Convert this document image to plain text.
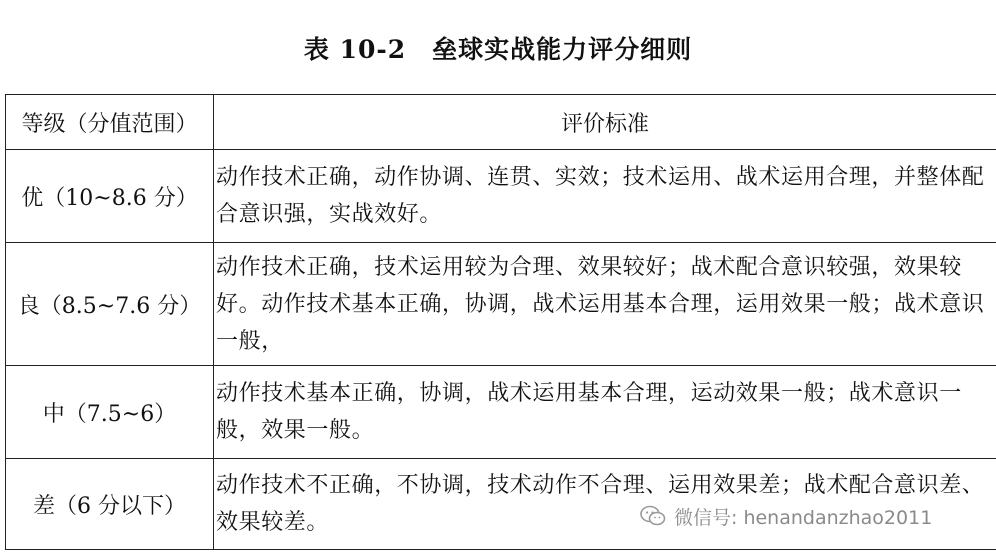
表 10-2 垒球实战能力评分细则
等级（分值范围）	评价标准
优（10~8.6 分）	动作技术正确，动作协调、连贯、实效；技术运用、战术运用合理，并整体配合意识强，实战效好。

良（8.5~7.6 分）	动作技术正确，技术运用较为合理、效果较好；战术配合意识较强，效果较好。动作技术基本正确，协调，战术运用基本合理，运用效果一般；战术意识一般，

中（7.5~6）	动作技术基本正确，协调，战术运用基本合理，运动效果一般；战术意识一般，效果一般。

差（6 分以下）	动作技术不正确，不协调，技术动作不合理、运用效果差；战术配合意识差、效果较差。	微信号: henandanzhao2011
